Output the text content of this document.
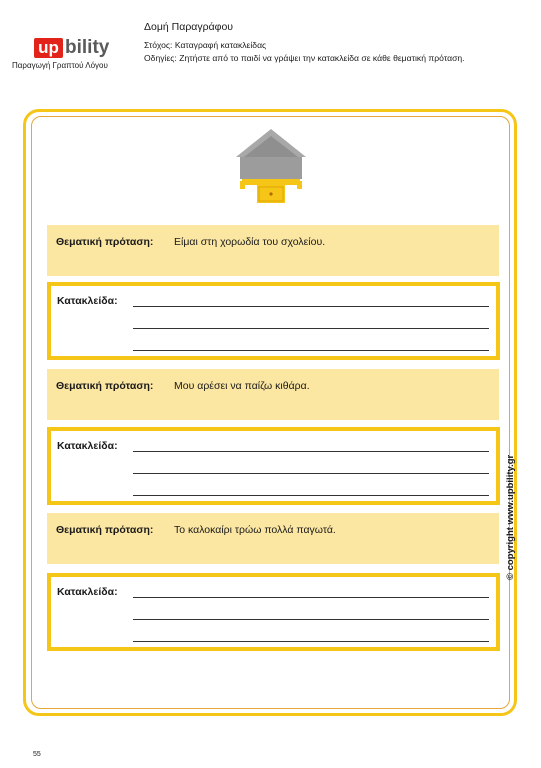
up bility
Παραγωγή Γραπτού Λόγου
Δομή Παραγράφου
Στόχος: Καταγραφή κατακλείδας
Οδηγίες: Ζητήστε από το παιδί να γράψει την κατακλείδα σε κάθε θεματική πρόταση.
Θεματική πρόταση: Είμαι στη χορωδία του σχολείου.
Κατακλείδα:
Θεματική πρόταση: Μου αρέσει να παίζω κιθάρα.
Κατακλείδα:
Θεματική πρόταση: Το καλοκαίρι τρώω πολλά παγωτά.
Κατακλείδα:
© copyright www.upbility.gr
55
